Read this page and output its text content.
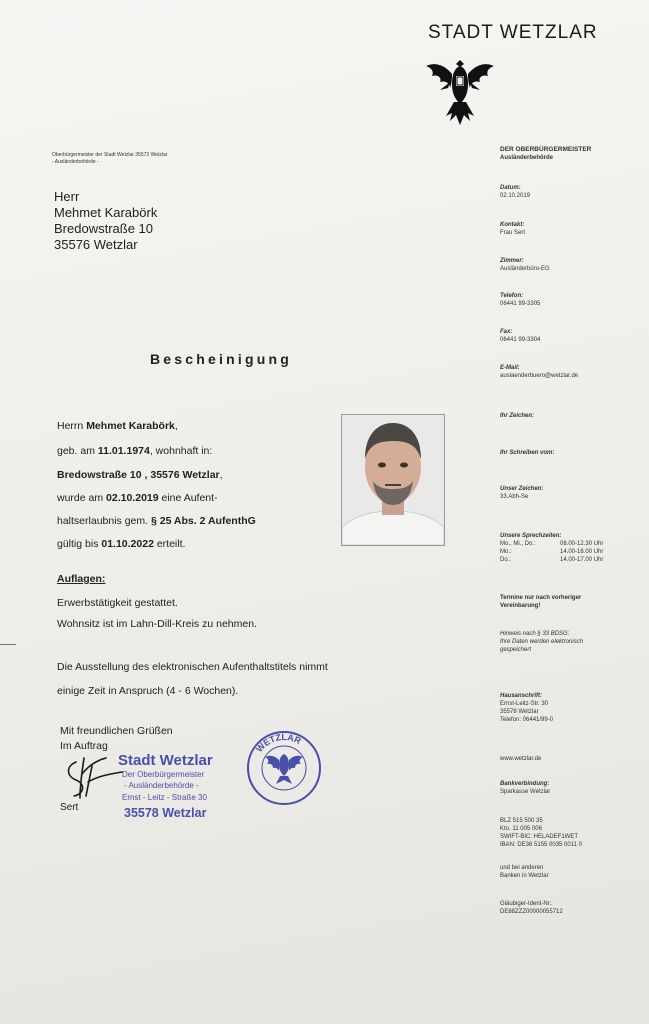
STADT WETZLAR
Oberbürgermeister der Stadt Wetzlar 35573 Wetzlar
- Ausländerbehörde -
Herr
Mehmet Karabörk
Bredowstraße 10
35576 Wetzlar
Bescheinigung
Herrn Mehmet Karabörk,
geb. am 11.01.1974, wohnhaft in:
Bredowstraße 10 , 35576 Wetzlar,
wurde am 02.10.2019 eine Aufent-
haltserlaubnis gem. § 25 Abs. 2 AufenthG
gültig bis 01.10.2022 erteilt.
Auflagen:
Erwerbstätigkeit gestattet.
Wohnsitz ist im Lahn-Dill-Kreis zu nehmen.
Die Ausstellung des elektronischen Aufenthaltstitels nimmt
einige Zeit in Anspruch (4 - 6 Wochen).
Mit freundlichen Grüßen
Im Auftrag
Sert
Stadt Wetzlar
Der Oberbürgermeister
- Ausländerbehörde -
Ernst - Leitz - Straße 30
35578 Wetzlar
WETZLAR
DER OBERBÜRGERMEISTER
Ausländerbehörde
Datum:
02.10.2019
Kontakt:
Frau Sert
Zimmer:
Ausländerbüro-EG
Telefon:
06441 99-3305
Fax:
06441 99-3304
E-Mail:
auslaenderbuero@wetzlar.de
Ihr Zeichen:
Ihr Schreiben vom:
Unser Zeichen:
33.Abh-Se
Unsere Sprechzeiten:
Mo., Mi., Do.:	08.00-12.30 Uhr
Mo.:	14.00-16.00 Uhr
Do.:	14.00-17.00 Uhr
Termine nur nach vorheriger
Vereinbarung!
Hinweis nach § 33 BDSG:
Ihre Daten werden elektronisch
gespeichert
Hausanschrift:
Ernst-Leitz-Str. 30
35578 Wetzlar
Telefon: 06441/99-0
www.wetzlar.de
Bankverbindung:
Sparkasse Wetzlar
BLZ 515 500 35
Kto. 11 005 006
SWIFT-BIC: HELADEF1WET
IBAN: DE36 5155 0035 0011 0
und bei anderen
Banken in Wetzlar
Gläubiger-Ident-Nr.:
DE88ZZZ00000055712
